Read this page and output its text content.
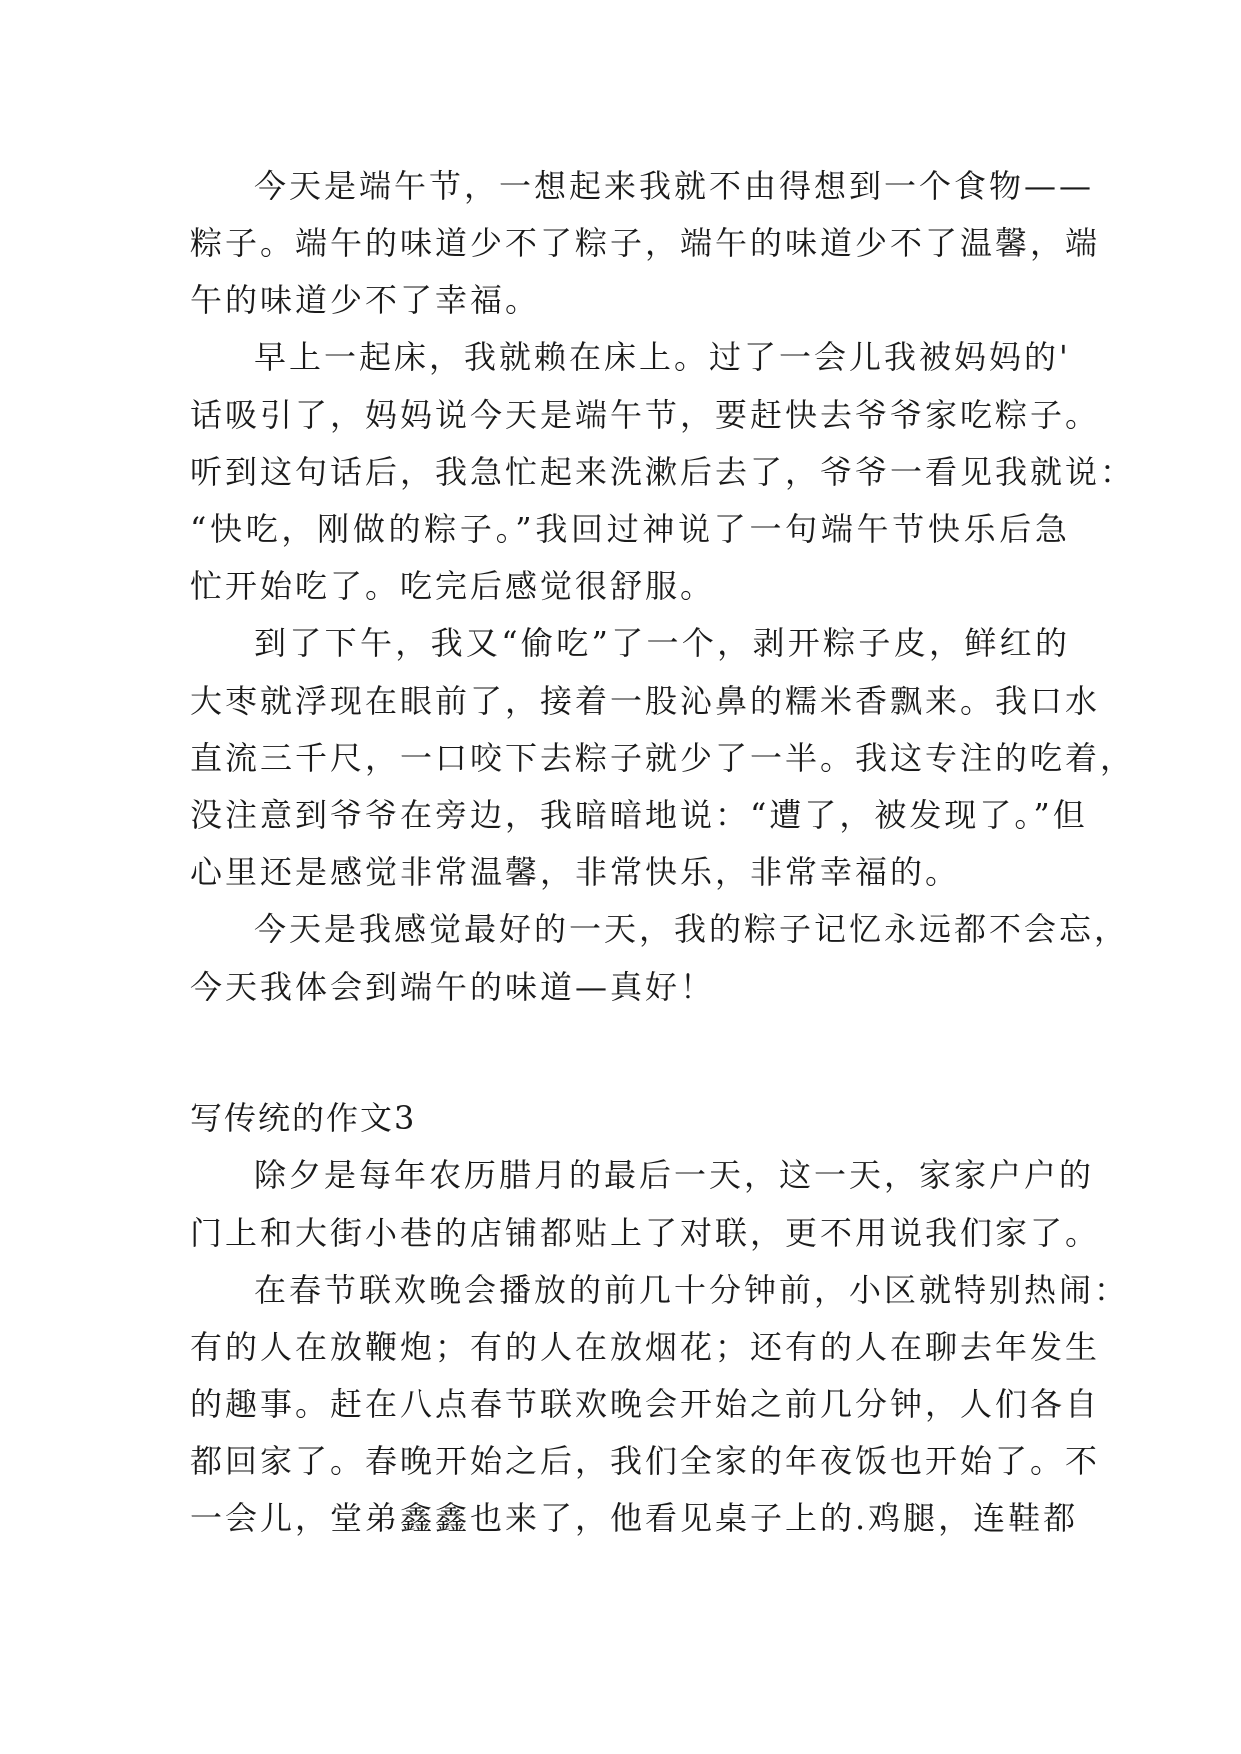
今天是端午节，一想起来我就不由得想到一个食物——
粽子。端午的味道少不了粽子，端午的味道少不了温馨，端
午的味道少不了幸福。
早上一起床，我就赖在床上。过了一会儿我被妈妈的'
话吸引了，妈妈说今天是端午节，要赶快去爷爷家吃粽子。
听到这句话后，我急忙起来洗漱后去了，爷爷一看见我就说：
“快吃，刚做的粽子。”我回过神说了一句端午节快乐后急
忙开始吃了。吃完后感觉很舒服。
到了下午，我又“偷吃”了一个，剥开粽子皮，鲜红的
大枣就浮现在眼前了，接着一股沁鼻的糯米香飘来。我口水
直流三千尺，一口咬下去粽子就少了一半。我这专注的吃着，
没注意到爷爷在旁边，我暗暗地说：“遭了，被发现了。”但
心里还是感觉非常温馨，非常快乐，非常幸福的。
今天是我感觉最好的一天，我的粽子记忆永远都不会忘，
今天我体会到端午的味道—真好！
写传统的作文3
除夕是每年农历腊月的最后一天，这一天，家家户户的
门上和大街小巷的店铺都贴上了对联，更不用说我们家了。
在春节联欢晚会播放的前几十分钟前，小区就特别热闹：
有的人在放鞭炮；有的人在放烟花；还有的人在聊去年发生
的趣事。赶在八点春节联欢晚会开始之前几分钟，人们各自
都回家了。春晚开始之后，我们全家的年夜饭也开始了。不
一会儿，堂弟鑫鑫也来了，他看见桌子上的.鸡腿，连鞋都
